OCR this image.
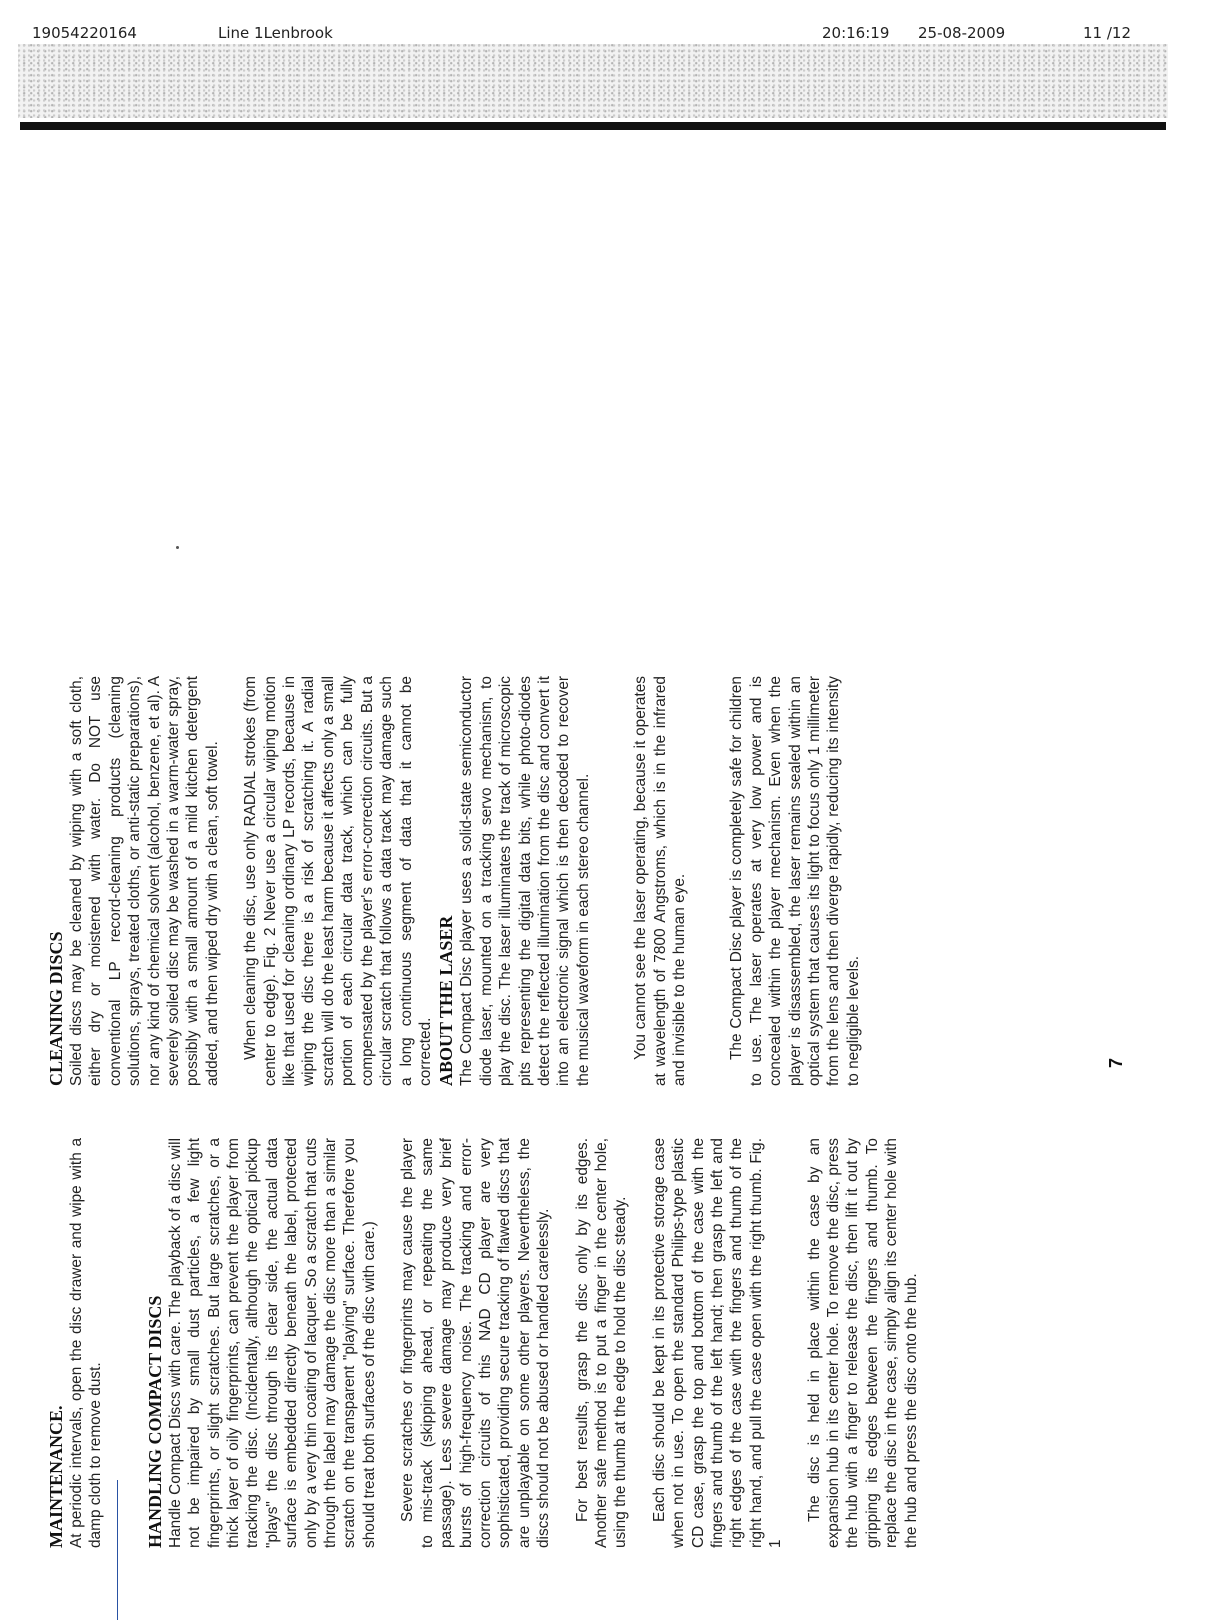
19054220164	Line 1Lenbrook	20:16:19 25-08-2009	11 /12
MAINTENANCE. At periodic intervals, open the disc drawer and wipe with a damp cloth to remove dust. HANDLING COMPACT DISCS Handle Compact Discs with care. The playback of a disc will not be impaired by small dust particles, a few light fingerprints, or slight scratches. But large scratches, or a thick layer of oily fingerprints, can prevent the player from tracking the disc. (Incidentally, although the optical pickup "plays" the disc through its clear side, the actual data surface is embedded directly beneath the label, protected only by a very thin coating of lacquer. So a scratch that cuts through the label may damage the disc more than a similar scratch on the transparent "playing" surface. Therefore you should treat both surfaces of the disc with care.) Severe scratches or fingerprints may cause the player to mis-track (skipping ahead, or repeating the same passage). Less severe damage may produce very brief bursts of high-frequency noise. The tracking and error-correction circuits of this NAD CD player are very sophisticated, providing secure tracking of flawed discs that are unplayable on some other players. Nevertheless, the discs should not be abused or handled carelessly. For best results, grasp the disc only by its edges. Another safe method is to put a finger in the center hole, using the thumb at the edge to hold the disc steady. Each disc should be kept in its protective storage case when not in use. To open the standard Philips-type plastic CD case, grasp the top and bottom of the case with the fingers and thumb of the left hand; then grasp the left and right edges of the case with the fingers and thumb of the right hand, and pull the case open with the right thumb. Fig. 1

The disc is held in place within the case by an expansion hub in its center hole. To remove the disc, press the hub with a finger to release the disc, then lift it out by gripping its edges between the fingers and thumb. To replace the disc in the case, simply align its center hole with the hub and press the disc onto the hub.

CLEANING DISCS Soiled discs may be cleaned by wiping with a soft cloth, either dry or moistened with water. Do NOT use conventional LP record-cleaning products (cleaning solutions, sprays, treated cloths, or anti-static preparations), nor any kind of chemical solvent (alcohol, benzene, et al). A severely soiled disc may be washed in a warm-water spray, possibly with a small amount of a mild kitchen detergent added, and then wiped dry with a clean, soft towel. When cleaning the disc, use only RADIAL strokes (from center to edge). Fig. 2 Never use a circular wiping motion like that used for cleaning ordinary LP records, because in wiping the disc there is a risk of scratching it. A radial scratch will do the least harm because it affects only a small portion of each circular data track, which can be fully compensated by the player's error-correction circuits. But a circular scratch that follows a data track may damage such a long continuous segment of data that it cannot be corrected. ABOUT THE LASER The Compact Disc player uses a solid-state semiconductor diode laser, mounted on a tracking servo mechanism, to play the disc. The laser illuminates the track of microscopic pits representing the digital data bits, while photo-diodes detect the reflected illumination from the disc and convert it into an electronic signal which is then decoded to recover the musical waveform in each stereo channel.	You cannot see the laser operating, because it operates at wavelength of 7800 Angstroms, which is in the infrared and invisible to the human eye.	The Compact Disc player is completely safe for children to use. The laser operates at very low power and is concealed within the player mechanism. Even when the player is disassembled, the laser remains sealed within an optical system that causes its light to focus only 1 millimeter from the lens and then diverge rapidly, reducing its intensity to negligible levels.	7
